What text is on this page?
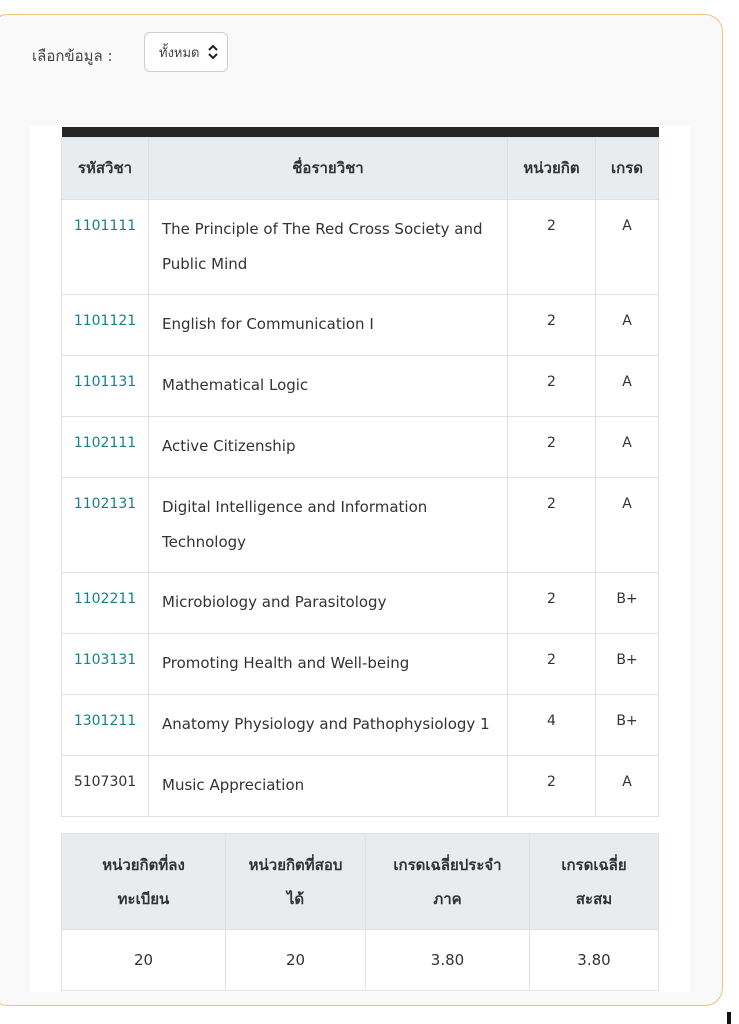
เลือกข้อมูล :	ทั้งหมด

รหัสวิชา	ชื่อรายวิชา	หน่วยกิต	เกรด
1101111	The Principle of The Red Cross Society and Public Mind	2	A
1101121	English for Communication I	2	A
1101131	Mathematical Logic	2	A
1102111	Active Citizenship	2	A
1102131	Digital Intelligence and Information Technology	2	A
1102211	Microbiology and Parasitology	2	B+
1103131	Promoting Health and Well-being	2	B+
1301211	Anatomy Physiology and Pathophysiology 1	4	B+
5107301	Music Appreciation	2	A
หน่วยกิตที่ลงทะเบียน	หน่วยกิตที่สอบได้	เกรดเฉลี่ยประจำภาค	เกรดเฉลี่ยสะสม
20	20	3.80	3.80
